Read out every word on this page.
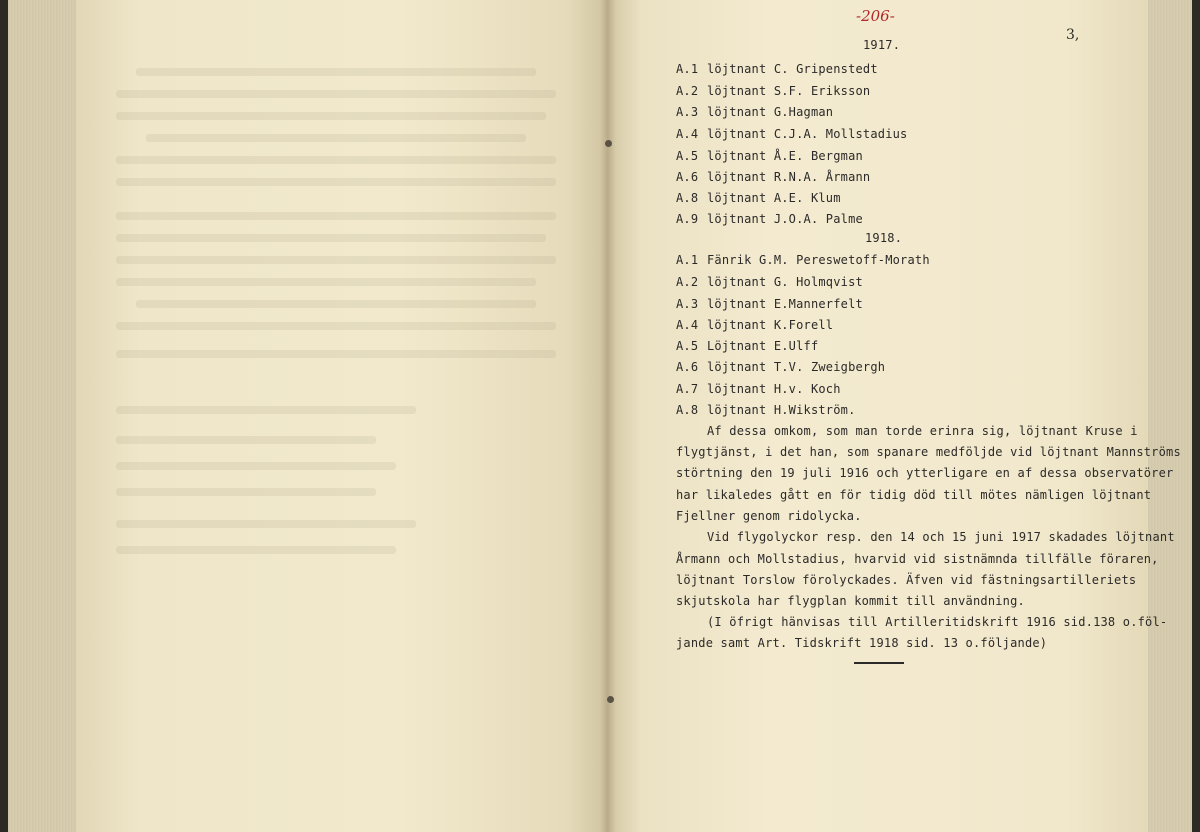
-206-
3,
1917.
A.1 löjtnant C. Gripenstedt
A.2 löjtnant S.F. Eriksson
A.3 löjtnant G.Hagman
A.4 löjtnant C.J.A. Mollstadius
A.5 löjtnant Å.E. Bergman
A.6 löjtnant R.N.A. Årmann
A.8 löjtnant A.E. Klum
A.9 löjtnant J.O.A. Palme
1918.
A.1 Fänrik G.M. Pereswetoff-Morath
A.2 löjtnant G. Holmqvist
A.3 löjtnant E.Mannerfelt
A.4 löjtnant K.Forell
A.5 Löjtnant E.Ulff
A.6 löjtnant T.V. Zweigbergh
A.7 löjtnant H.v. Koch
A.8 löjtnant H.Wikström.
Af dessa omkom, som man torde erinra sig, löjtnant Kruse i
flygtjänst, i det han, som spanare medföljde vid löjtnant Mannströms
störtning den 19 juli 1916 och ytterligare en af dessa observatörer
har likaledes gått en för tidig död till mötes nämligen löjtnant
Fjellner genom ridolycka.
Vid flygolyckor resp. den 14 och 15 juni 1917 skadades löjtnant
Årmann och Mollstadius, hvarvid vid sistnämnda tillfälle föraren,
löjtnant Torslow förolyckades. Äfven vid fästningsartilleriets
skjutskola har flygplan kommit till användning.
(I öfrigt hänvisas till Artilleritidskrift 1916 sid.138 o.föl-
jande samt Art. Tidskrift 1918 sid. 13 o.följande)
